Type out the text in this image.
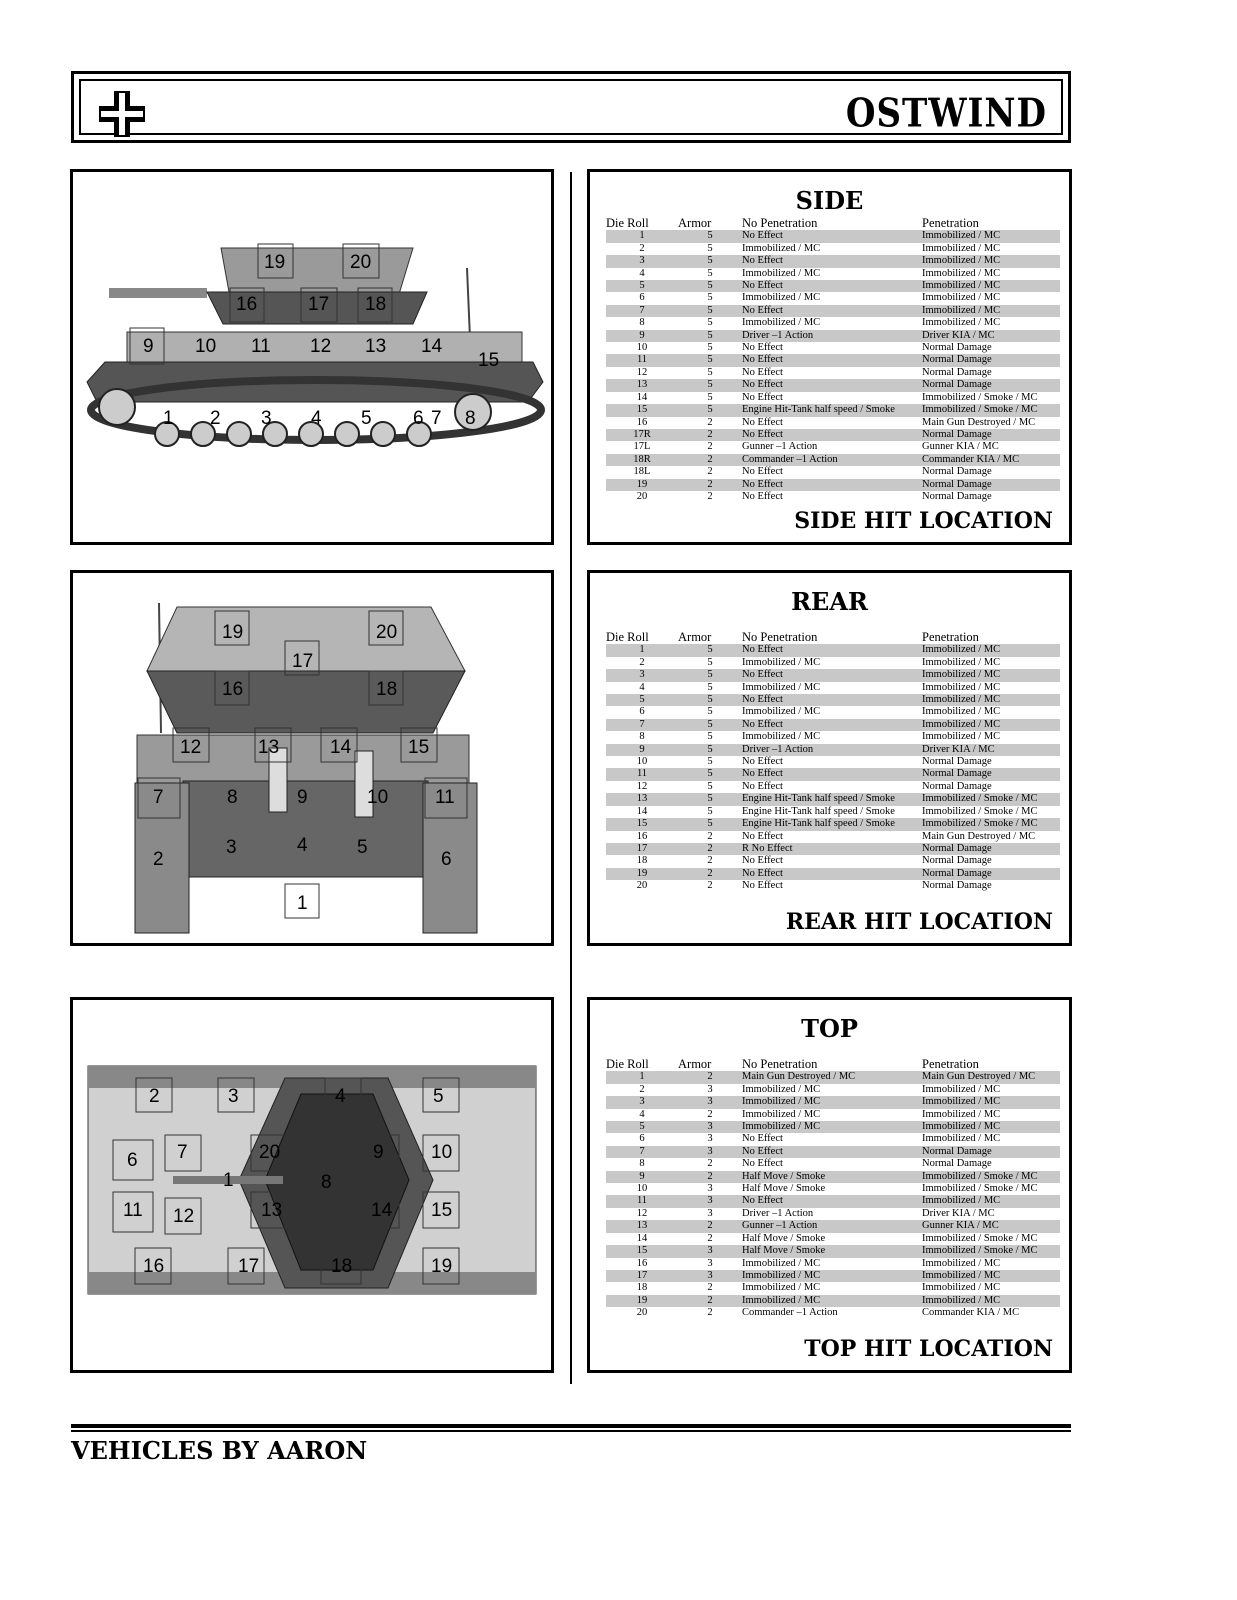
OSTWIND
9 10 11 12 13 14
15
16	17 18
19	20
1 2 3 4 5 6 7 8
19	20
17
16	18
12	13	14	15
7	8	9	10 11
2
3	4	5
6
1
2	3	4	5
6 7	20	9 10
1	8
11 12	13	14 15
16	17	18	19
SIDE
Die Roll	Armor	No Penetration	Penetration
1	5	No Effect	Immobilized / MC
2	5	Immobilized / MC	Immobilized / MC
3	5	No Effect	Immobilized / MC
4	5	Immobilized / MC	Immobilized / MC
5	5	No Effect	Immobilized / MC
6	5	Immobilized / MC	Immobilized / MC
7	5	No Effect	Immobilized / MC
8	5	Immobilized / MC	Immobilized / MC
9	5	Driver –1 Action	Driver KIA / MC
10	5	No Effect	Normal Damage
11	5	No Effect	Normal Damage
12	5	No Effect	Normal Damage
13	5	No Effect	Normal Damage
14	5	No Effect	Immobilized / Smoke / MC
15	5	Engine Hit-Tank half speed / Smoke	Immobilized / Smoke / MC
16	2	No Effect	Main Gun Destroyed / MC
17R	2	No Effect	Normal Damage
17L	2	Gunner –1 Action	Gunner KIA / MC
18R	2	Commander –1 Action	Commander KIA / MC
18L	2	No Effect	Normal Damage
19	2	No Effect	Normal Damage
20	2	No Effect	Normal Damage
SIDE HIT LOCATION
REAR
Die Roll	Armor	No Penetration	Penetration
1	5	No Effect	Immobilized / MC
2	5	Immobilized / MC	Immobilized / MC
3	5	No Effect	Immobilized / MC
4	5	Immobilized / MC	Immobilized / MC
5	5	No Effect	Immobilized / MC
6	5	Immobilized / MC	Immobilized / MC
7	5	No Effect	Immobilized / MC
8	5	Immobilized / MC	Immobilized / MC
9	5	Driver –1 Action	Driver KIA / MC
10	5	No Effect	Normal Damage
11	5	No Effect	Normal Damage
12	5	No Effect	Normal Damage
13	5	Engine Hit-Tank half speed / Smoke	Immobilized / Smoke / MC
14	5	Engine Hit-Tank half speed / Smoke	Immobilized / Smoke / MC
15	5	Engine Hit-Tank half speed / Smoke	Immobilized / Smoke / MC
16	2	No Effect	Main Gun Destroyed / MC
17	2	R No Effect	Normal Damage
18	2	No Effect	Normal Damage
19	2	No Effect	Normal Damage
20	2	No Effect	Normal Damage
REAR HIT LOCATION
TOP
Die Roll	Armor	No Penetration	Penetration
1	2	Main Gun Destroyed / MC	Main Gun Destroyed / MC
2	3	Immobilized / MC	Immobilized / MC
3	3	Immobilized / MC	Immobilized / MC
4	2	Immobilized / MC	Immobilized / MC
5	3	Immobilized / MC	Immobilized / MC
6	3	No Effect	Immobilized / MC
7	3	No Effect	Normal Damage
8	2	No Effect	Normal Damage
9	2	Half Move / Smoke	Immobilized / Smoke / MC
10	3	Half Move / Smoke	Immobilized / Smoke / MC
11	3	No Effect	Immobilized / MC
12	3	Driver –1 Action	Driver KIA / MC
13	2	Gunner –1 Action	Gunner KIA / MC
14	2	Half Move / Smoke	Immobilized / Smoke / MC
15	3	Half Move / Smoke	Immobilized / Smoke / MC
16	3	Immobilized / MC	Immobilized / MC
17	3	Immobilized / MC	Immobilized / MC
18	2	Immobilized / MC	Immobilized / MC
19	2	Immobilized / MC	Immobilized / MC
20	2	Commander –1 Action	Commander KIA / MC
TOP HIT LOCATION
VEHICLES BY AARON
